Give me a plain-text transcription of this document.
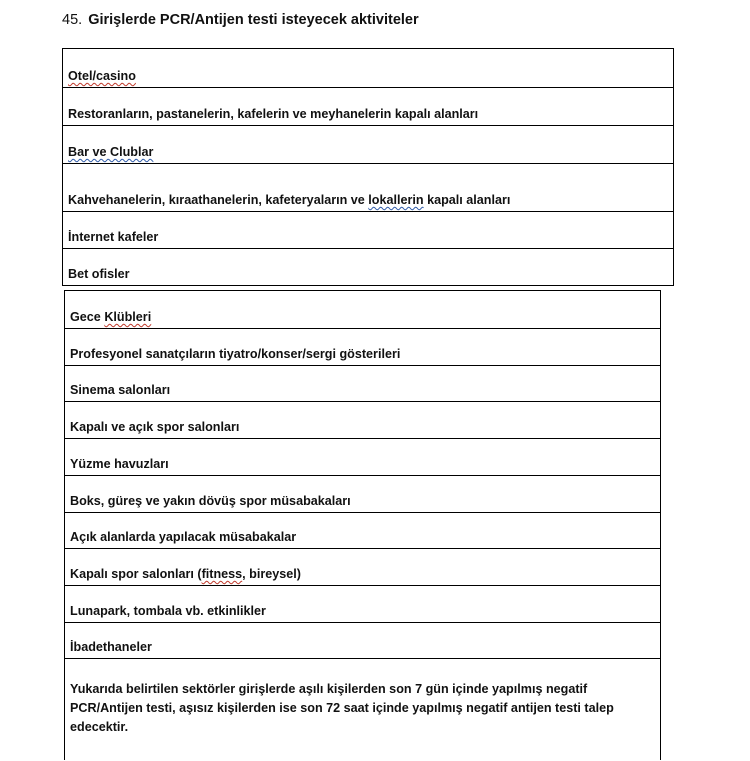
45. Girişlerde PCR/Antijen testi isteyecek aktiviteler
Otel/casino
Restoranların, pastanelerin, kafelerin ve meyhanelerin kapalı alanları
Bar ve Clublar
Kahvehanelerin, kıraathanelerin, kafeteryaların ve lokallerin kapalı alanları
İnternet kafeler
Bet ofisler
Gece Klübleri
Profesyonel sanatçıların tiyatro/konser/sergi gösterileri
Sinema salonları
Kapalı ve açık spor salonları
Yüzme havuzları
Boks, güreş ve yakın dövüş spor müsabakaları
Açık alanlarda yapılacak müsabakalar
Kapalı spor salonları (fitness, bireysel)
Lunapark, tombala vb. etkinlikler
İbadethaneler
Yukarıda belirtilen sektörler girişlerde aşılı kişilerden son 7 gün içinde yapılmış negatif PCR/Antijen testi, aşısız kişilerden ise son 72 saat içinde yapılmış negatif antijen testi talep edecektir.
